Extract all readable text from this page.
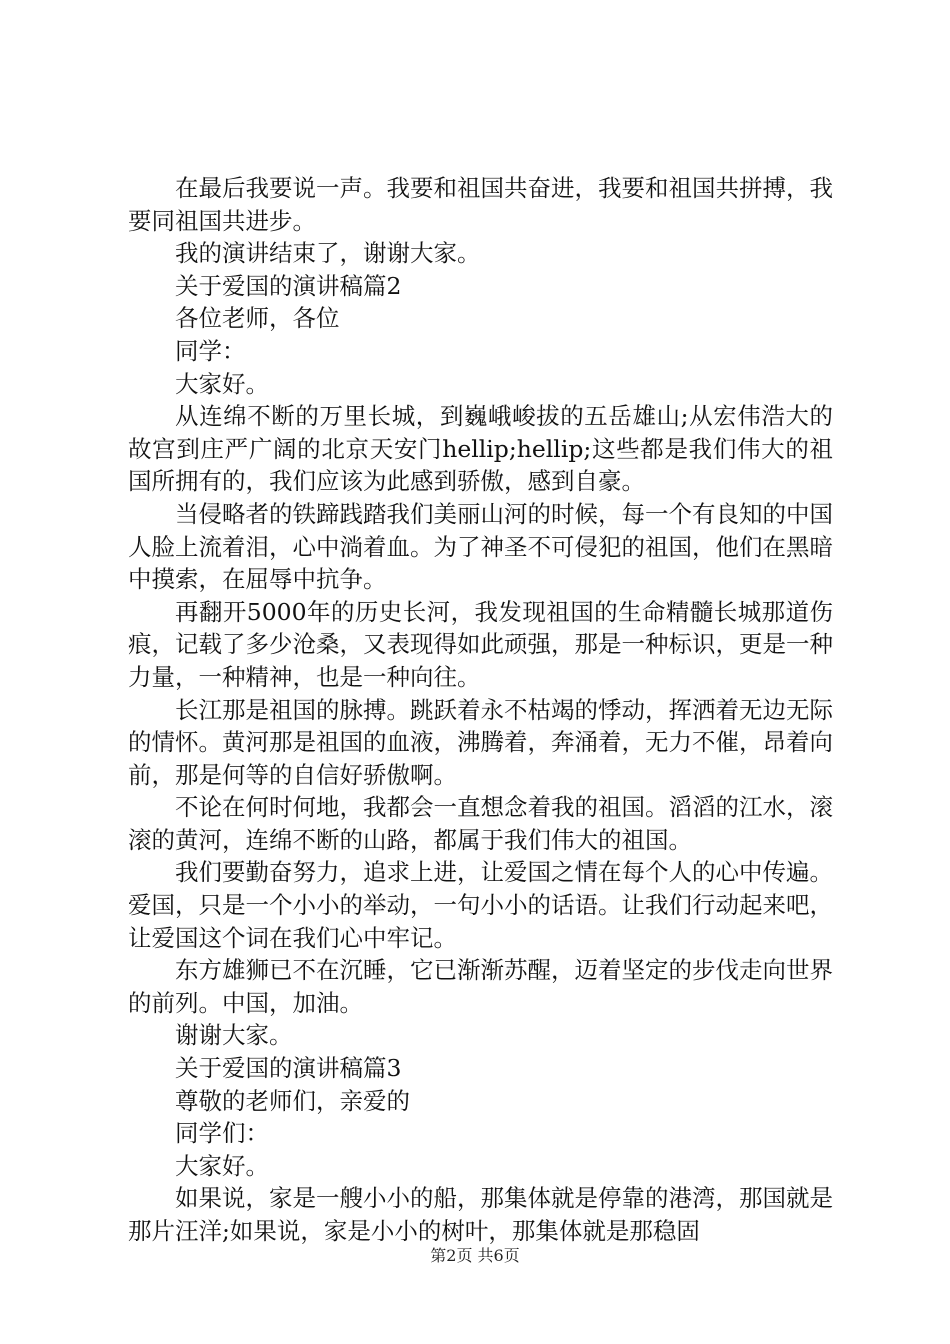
在最后我要说一声。我要和祖国共奋进，我要和祖国共拼搏，我要同祖国共进步。

我的演讲结束了，谢谢大家。

关于爱国的演讲稿篇2

各位老师，各位

同学：

大家好。

从连绵不断的万里长城，到巍峨峻拔的五岳雄山;从宏伟浩大的故宫到庄严广阔的北京天安门hellip;hellip;这些都是我们伟大的祖国所拥有的，我们应该为此感到骄傲，感到自豪。

当侵略者的铁蹄践踏我们美丽山河的时候，每一个有良知的中国人脸上流着泪，心中淌着血。为了神圣不可侵犯的祖国，他们在黑暗中摸索，在屈辱中抗争。

再翻开5000年的历史长河，我发现祖国的生命精髓长城那道伤痕，记载了多少沧桑，又表现得如此顽强，那是一种标识，更是一种力量，一种精神，也是一种向往。

长江那是祖国的脉搏。跳跃着永不枯竭的悸动，挥洒着无边无际的情怀。黄河那是祖国的血液，沸腾着，奔涌着，无力不催，昂着向前，那是何等的自信好骄傲啊。

不论在何时何地，我都会一直想念着我的祖国。滔滔的江水，滚滚的黄河，连绵不断的山路，都属于我们伟大的祖国。

我们要勤奋努力，追求上进，让爱国之情在每个人的心中传遍。爱国，只是一个小小的举动，一句小小的话语。让我们行动起来吧，让爱国这个词在我们心中牢记。

东方雄狮已不在沉睡，它已渐渐苏醒，迈着坚定的步伐走向世界的前列。中国，加油。

谢谢大家。

关于爱国的演讲稿篇3

尊敬的老师们，亲爱的

同学们：

大家好。

如果说，家是一艘小小的船，那集体就是停靠的港湾，那国就是那片汪洋;如果说，家是小小的树叶，那集体就是那稳固

第2页 共6页
